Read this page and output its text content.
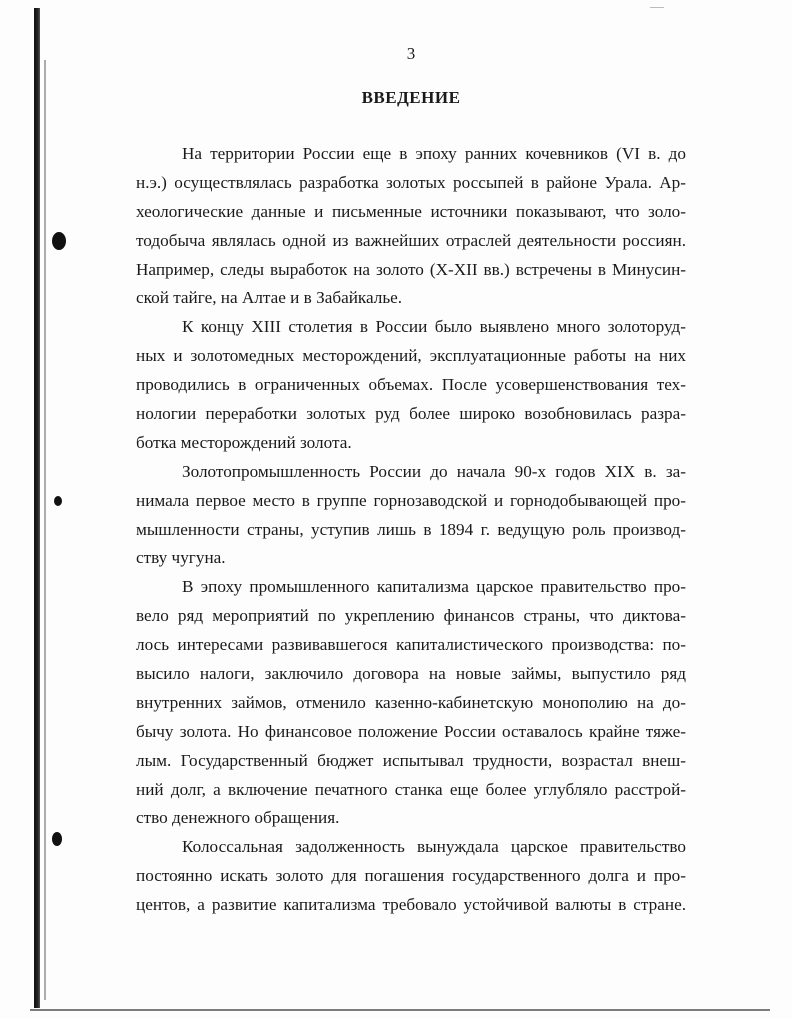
3
ВВЕДЕНИЕ
На территории России еще в эпоху ранних кочевников (VI в. до
н.э.) осуществлялась разработка золотых россыпей в районе Урала. Ар-
хеологические данные и письменные источники показывают, что золо-
тодобыча являлась одной из важнейших отраслей деятельности россиян.
Например, следы выработок на золото (X-XII вв.) встречены в Минусин-
ской тайге, на Алтае и в Забайкалье.
К концу XIII столетия в России было выявлено много золоторуд-
ных и золотомедных месторождений, эксплуатационные работы на них
проводились в ограниченных объемах. После усовершенствования тех-
нологии переработки золотых руд более широко возобновилась разра-
ботка месторождений золота.
Золотопромышленность России до начала 90-х годов XIX в. за-
нимала первое место в группе горнозаводской и горнодобывающей про-
мышленности страны, уступив лишь в 1894 г. ведущую роль производ-
ству чугуна.
В эпоху промышленного капитализма царское правительство про-
вело ряд мероприятий по укреплению финансов страны, что диктова-
лось интересами развивавшегося капиталистического производства: по-
высило налоги, заключило договора на новые займы, выпустило ряд
внутренних займов, отменило казенно-кабинетскую монополию на до-
бычу золота. Но финансовое положение России оставалось крайне тяже-
лым. Государственный бюджет испытывал трудности, возрастал внеш-
ний долг, а включение печатного станка еще более углубляло расстрой-
ство денежного обращения.
Колоссальная задолженность вынуждала царское правительство
постоянно искать золото для погашения государственного долга и про-
центов, а развитие капитализма требовало устойчивой валюты в стране.
